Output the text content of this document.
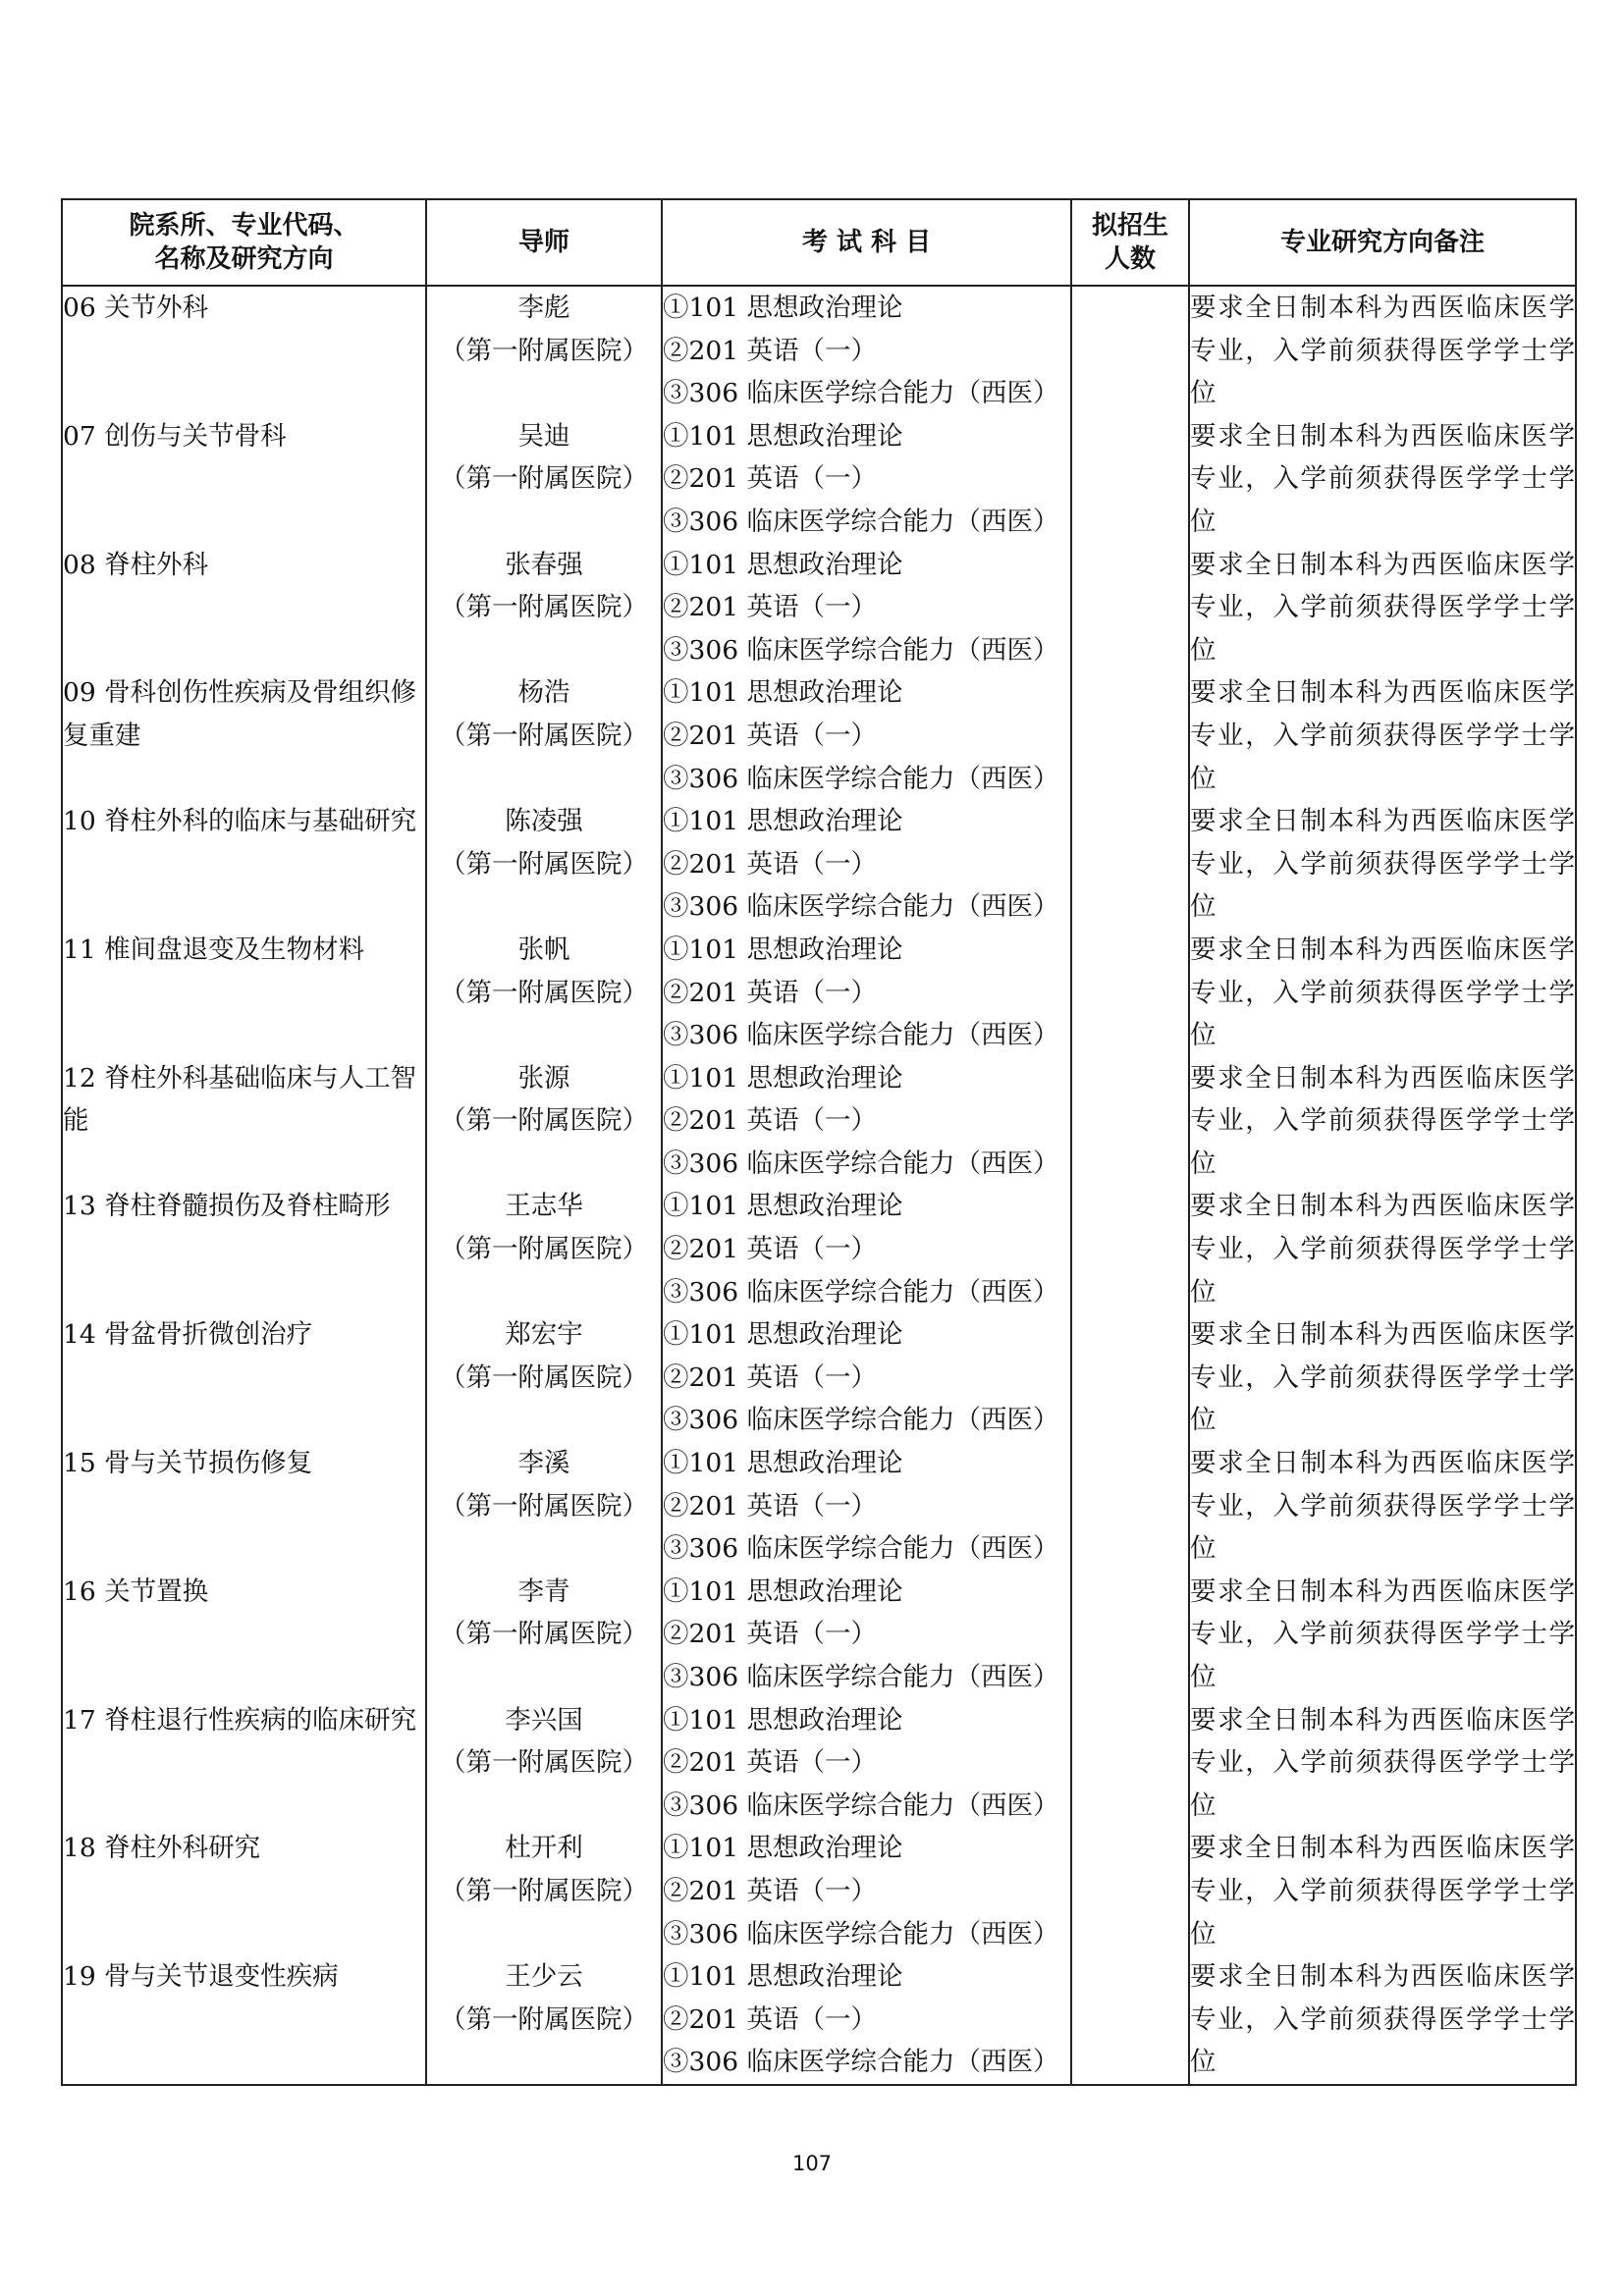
院系所、专业代码、
名称及研究方向	导师	考 试 科 目	拟招生
人数	专业研究方向备注
06 关节外科	李彪
（第一附属医院）	①101 思想政治理论
②201 英语（一）
③306 临床医学综合能力（西医）		要求全日制本科为西医临床医学专业，入学前须获得医学学士学位
07 创伤与关节骨科	吴迪
（第一附属医院）	①101 思想政治理论
②201 英语（一）
③306 临床医学综合能力（西医）		要求全日制本科为西医临床医学专业，入学前须获得医学学士学位
08 脊柱外科	张春强
（第一附属医院）	①101 思想政治理论
②201 英语（一）
③306 临床医学综合能力（西医）		要求全日制本科为西医临床医学专业，入学前须获得医学学士学位
09 骨科创伤性疾病及骨组织修复重建	杨浩
（第一附属医院）	①101 思想政治理论
②201 英语（一）
③306 临床医学综合能力（西医）		要求全日制本科为西医临床医学专业，入学前须获得医学学士学位
10 脊柱外科的临床与基础研究	陈凌强
（第一附属医院）	①101 思想政治理论
②201 英语（一）
③306 临床医学综合能力（西医）		要求全日制本科为西医临床医学专业，入学前须获得医学学士学位
11 椎间盘退变及生物材料	张帆
（第一附属医院）	①101 思想政治理论
②201 英语（一）
③306 临床医学综合能力（西医）		要求全日制本科为西医临床医学专业，入学前须获得医学学士学位
12 脊柱外科基础临床与人工智能	张源
（第一附属医院）	①101 思想政治理论
②201 英语（一）
③306 临床医学综合能力（西医）		要求全日制本科为西医临床医学专业，入学前须获得医学学士学位
13 脊柱脊髓损伤及脊柱畸形	王志华
（第一附属医院）	①101 思想政治理论
②201 英语（一）
③306 临床医学综合能力（西医）		要求全日制本科为西医临床医学专业，入学前须获得医学学士学位
14 骨盆骨折微创治疗	郑宏宇
（第一附属医院）	①101 思想政治理论
②201 英语（一）
③306 临床医学综合能力（西医）		要求全日制本科为西医临床医学专业，入学前须获得医学学士学位
15 骨与关节损伤修复	李溪
（第一附属医院）	①101 思想政治理论
②201 英语（一）
③306 临床医学综合能力（西医）		要求全日制本科为西医临床医学专业，入学前须获得医学学士学位
16 关节置换	李青
（第一附属医院）	①101 思想政治理论
②201 英语（一）
③306 临床医学综合能力（西医）		要求全日制本科为西医临床医学专业，入学前须获得医学学士学位
17 脊柱退行性疾病的临床研究	李兴国
（第一附属医院）	①101 思想政治理论
②201 英语（一）
③306 临床医学综合能力（西医）		要求全日制本科为西医临床医学专业，入学前须获得医学学士学位
18 脊柱外科研究	杜开利
（第一附属医院）	①101 思想政治理论
②201 英语（一）
③306 临床医学综合能力（西医）		要求全日制本科为西医临床医学专业，入学前须获得医学学士学位
19 骨与关节退变性疾病	王少云
（第一附属医院）	①101 思想政治理论
②201 英语（一）
③306 临床医学综合能力（西医）		要求全日制本科为西医临床医学专业，入学前须获得医学学士学位
107
